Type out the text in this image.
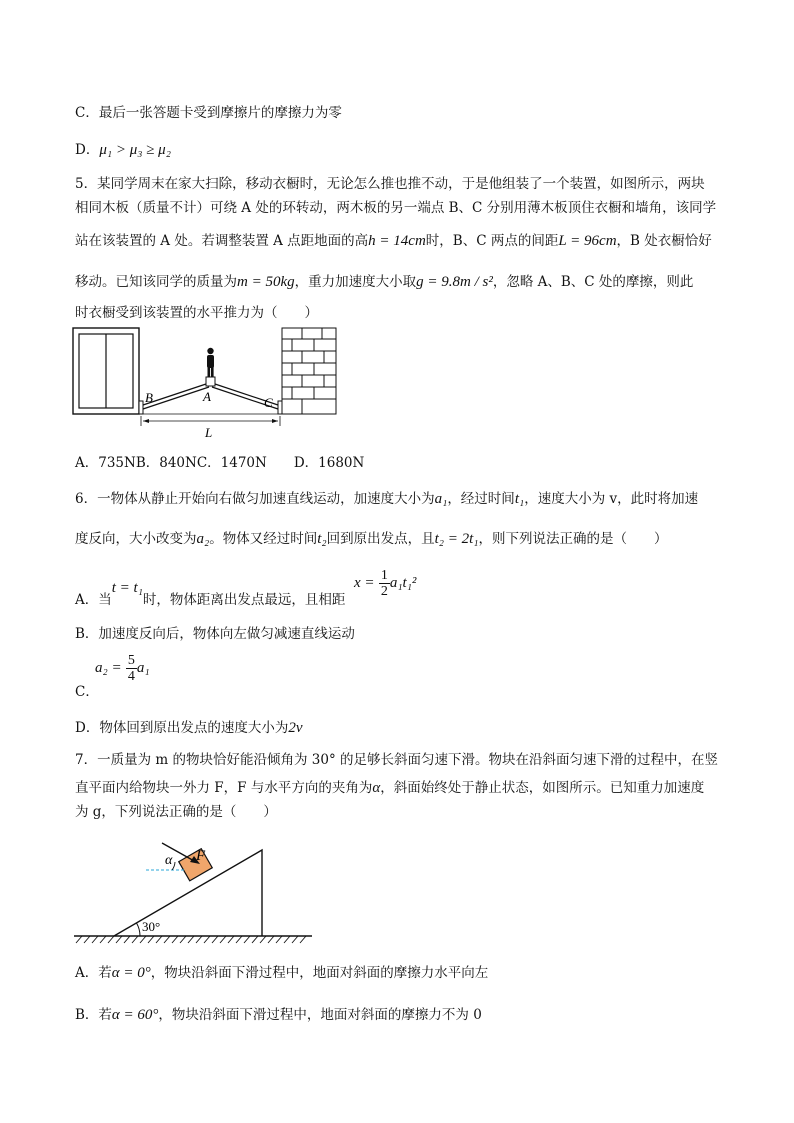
C．最后一张答题卡受到摩擦片的摩擦力为零
D．μ₁ > μ₃ ≥ μ₂
5．某同学周末在家大扫除，移动衣橱时，无论怎么推也推不动，于是他组装了一个装置，如图所示，两块
相同木板（质量不计）可绕 A 处的环转动，两木板的另一端点 B、C 分别用薄木板顶住衣橱和墙角，该同学
站在该装置的 A 处。若调整装置 A 点距地面的高h = 14cm时，B、C 两点的间距L = 96cm，B 处衣橱恰好
移动。已知该同学的质量为m = 50kg，重力加速度大小取g = 9.8m / s²，忽略 A、B、C 处的摩擦，则此
时衣橱受到该装置的水平推力为（　　）
B	A	C
L
A．735NB．840NC．1470N　　D．1680N
6．一物体从静止开始向右做匀加速直线运动，加速度大小为a₁，经过时间t₁，速度大小为 v，此时将加速
度反向，大小改变为a₂。物体又经过时间t₂回到原出发点，且t₂ = 2t₁，则下列说法正确的是（　　）
A．当t = t₁时，物体距离出发点最远，且相距
$x = \frac{1}{2} a_1t_1^2$
B．加速度反向后，物体向左做匀减速直线运动
$a_2 = \frac{5}{4} a_1$
C．
D．物体回到原出发点的速度大小为2v
7．一质量为 m 的物块恰好能沿倾角为 30° 的足够长斜面匀速下滑。物块在沿斜面匀速下滑的过程中，在竖
直平面内给物块一外力 F，F 与水平方向的夹角为α，斜面始终处于静止状态，如图所示。已知重力加速度
为 g，下列说法正确的是（　　）
30°
α F
A．若α = 0°，物块沿斜面下滑过程中，地面对斜面的摩擦力水平向左
B．若α = 60°，物块沿斜面下滑过程中，地面对斜面的摩擦力不为 0
